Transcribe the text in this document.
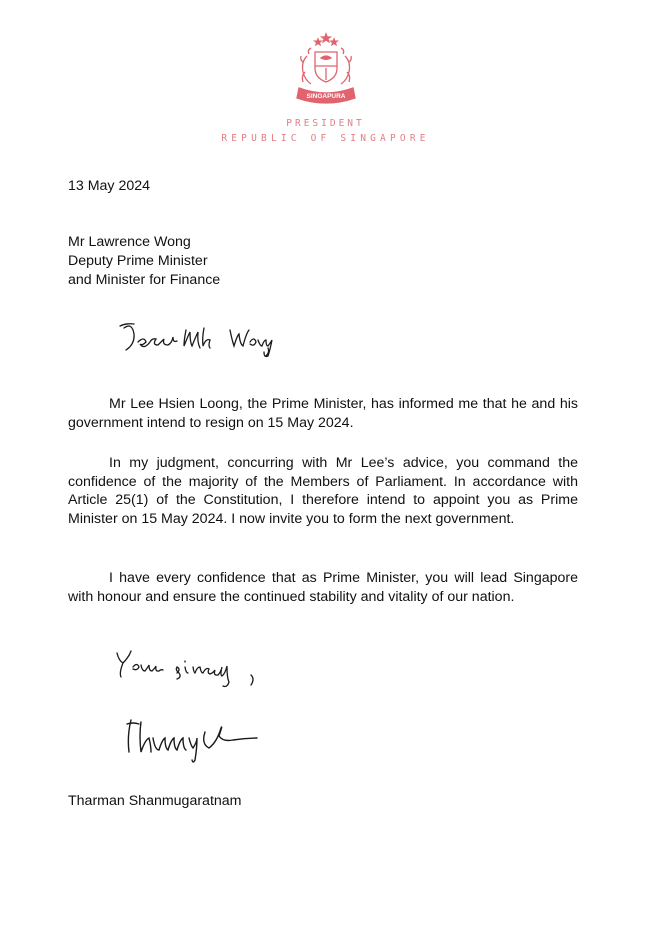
SINGAPURA
PRESIDENT
REPUBLIC OF SINGAPORE
13 May 2024
Mr Lawrence Wong
Deputy Prime Minister
and Minister for Finance
Mr Lee Hsien Loong, the Prime Minister, has informed me that he and his government intend to resign on 15 May 2024.
In my judgment, concurring with Mr Lee’s advice, you command the confidence of the majority of the Members of Parliament. In accordance with Article 25(1) of the Constitution, I therefore intend to appoint you as Prime Minister on 15 May 2024. I now invite you to form the next government.
I have every confidence that as Prime Minister, you will lead Singapore with honour and ensure the continued stability and vitality of our nation.
Tharman Shanmugaratnam
